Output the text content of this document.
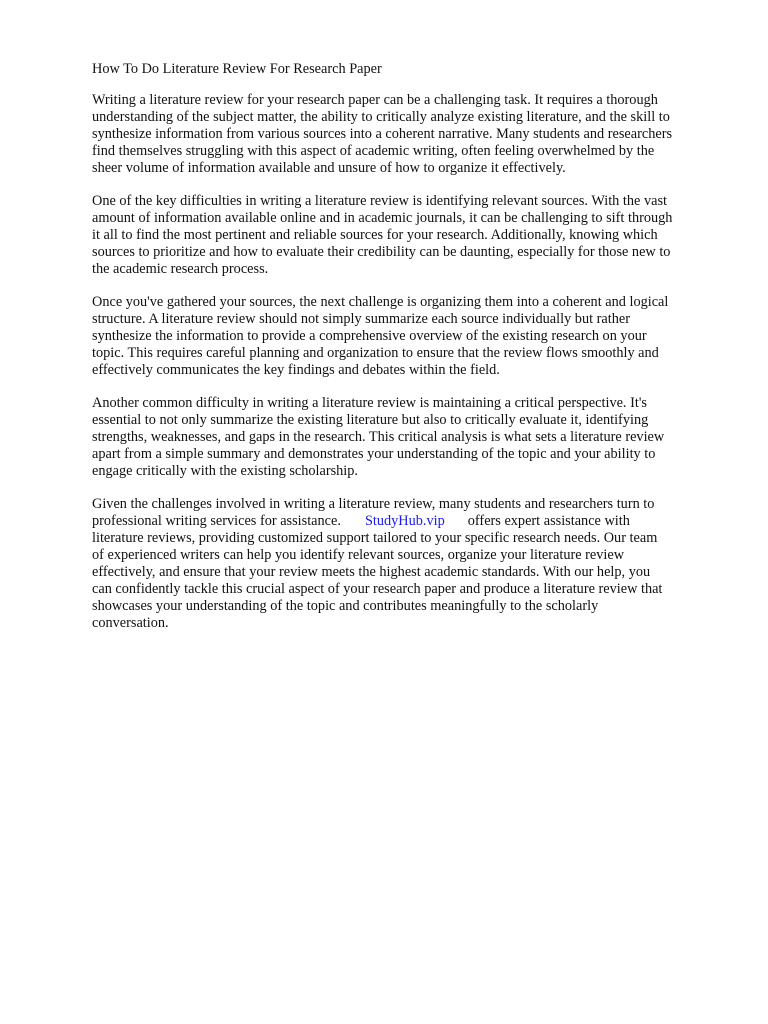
How To Do Literature Review For Research Paper

Writing a literature review for your research paper can be a challenging task. It requires a thorough
understanding of the subject matter, the ability to critically analyze existing literature, and the skill to
synthesize information from various sources into a coherent narrative. Many students and researchers
find themselves struggling with this aspect of academic writing, often feeling overwhelmed by the
sheer volume of information available and unsure of how to organize it effectively.

One of the key difficulties in writing a literature review is identifying relevant sources. With the vast
amount of information available online and in academic journals, it can be challenging to sift through
it all to find the most pertinent and reliable sources for your research. Additionally, knowing which
sources to prioritize and how to evaluate their credibility can be daunting, especially for those new to
the academic research process.

Once you've gathered your sources, the next challenge is organizing them into a coherent and logical
structure. A literature review should not simply summarize each source individually but rather
synthesize the information to provide a comprehensive overview of the existing research on your
topic. This requires careful planning and organization to ensure that the review flows smoothly and
effectively communicates the key findings and debates within the field.

Another common difficulty in writing a literature review is maintaining a critical perspective. It's
essential to not only summarize the existing literature but also to critically evaluate it, identifying
strengths, weaknesses, and gaps in the research. This critical analysis is what sets a literature review
apart from a simple summary and demonstrates your understanding of the topic and your ability to
engage critically with the existing scholarship.

Given the challenges involved in writing a literature review, many students and researchers turn to
professional writing services for assistance. StudyHub.vip offers expert assistance with
literature reviews, providing customized support tailored to your specific research needs. Our team
of experienced writers can help you identify relevant sources, organize your literature review
effectively, and ensure that your review meets the highest academic standards. With our help, you
can confidently tackle this crucial aspect of your research paper and produce a literature review that
showcases your understanding of the topic and contributes meaningfully to the scholarly
conversation.
